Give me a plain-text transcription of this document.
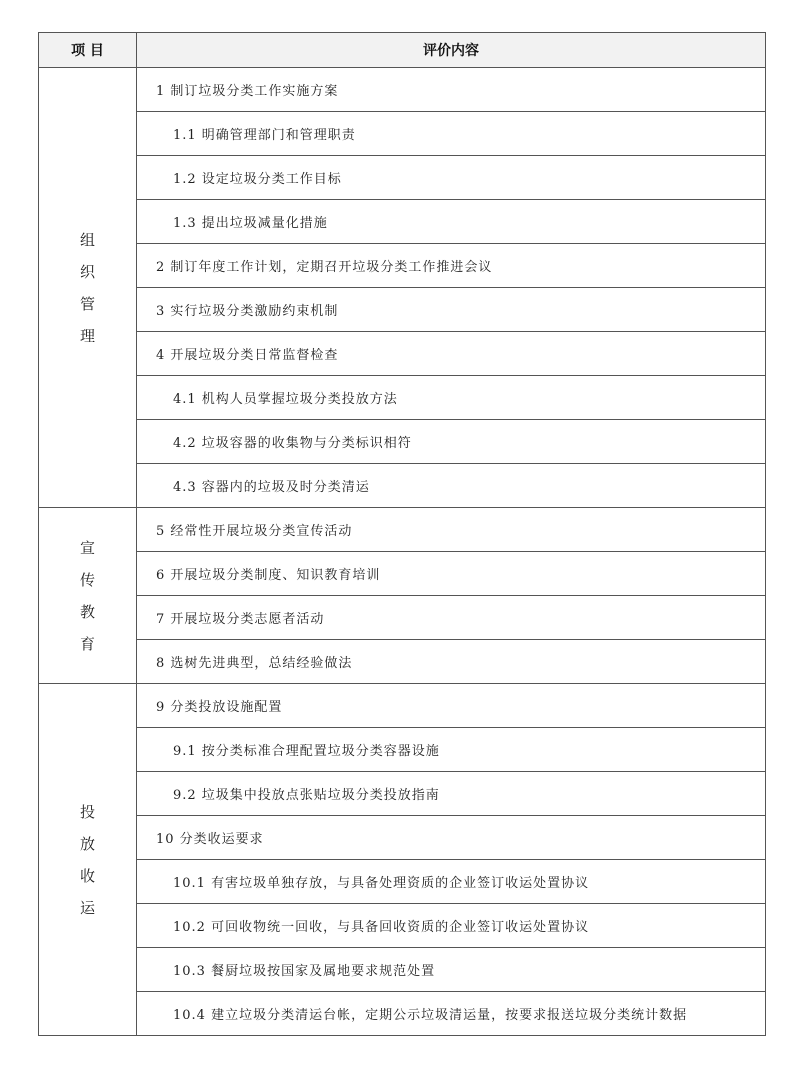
项 目	评价内容

组
织
管
理	1 制订垃圾分类工作实施方案
	1.1 明确管理部门和管理职责
	1.2 设定垃圾分类工作目标
	1.3 提出垃圾减量化措施
	2 制订年度工作计划，定期召开垃圾分类工作推进会议
	3 实行垃圾分类激励约束机制
	4 开展垃圾分类日常监督检查
	4.1 机构人员掌握垃圾分类投放方法
	4.2 垃圾容器的收集物与分类标识相符
	4.3 容器内的垃圾及时分类清运

宣
传
教
育	5 经常性开展垃圾分类宣传活动
	6 开展垃圾分类制度、知识教育培训
	7 开展垃圾分类志愿者活动
	8 选树先进典型，总结经验做法

投
放
收
运	9 分类投放设施配置
	9.1 按分类标准合理配置垃圾分类容器设施
	9.2 垃圾集中投放点张贴垃圾分类投放指南
	10 分类收运要求
	10.1 有害垃圾单独存放，与具备处理资质的企业签订收运处置协议
	10.2 可回收物统一回收，与具备回收资质的企业签订收运处置协议
	10.3 餐厨垃圾按国家及属地要求规范处置
	10.4 建立垃圾分类清运台帐，定期公示垃圾清运量，按要求报送垃圾分类统计数据
